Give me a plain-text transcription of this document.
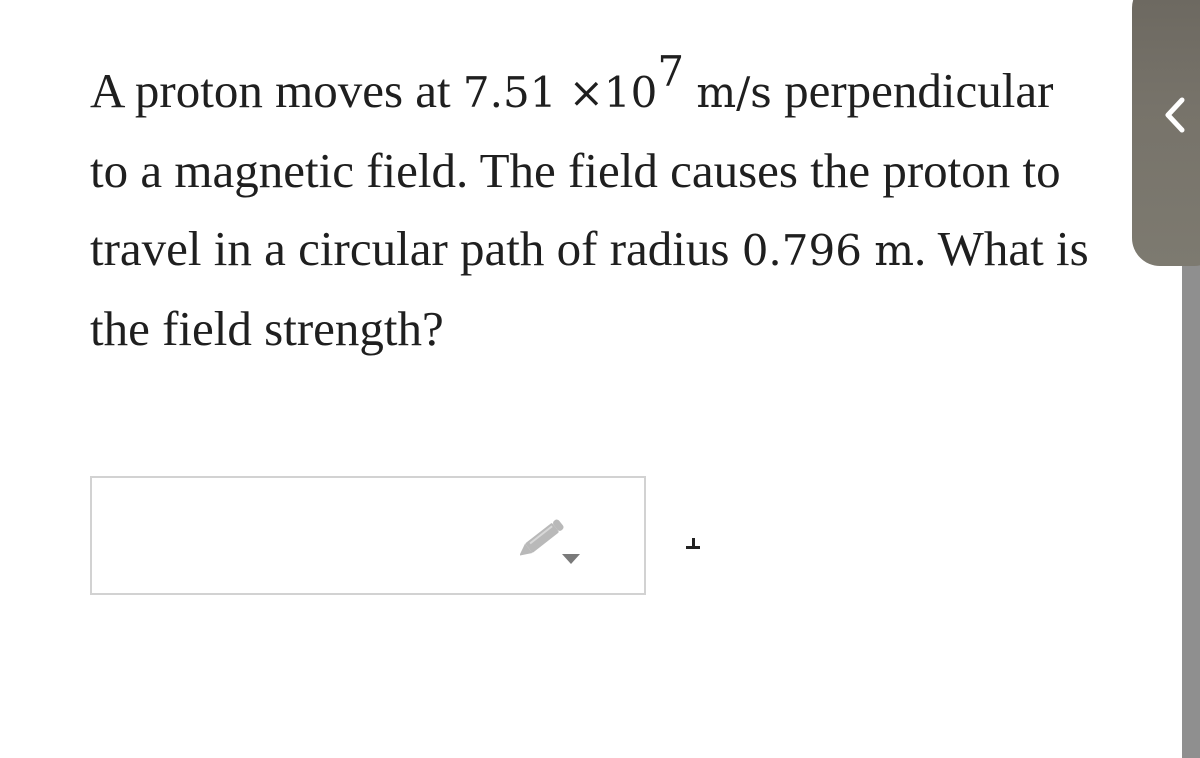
A proton moves at $7.51 \times 10^7$ m/s perpendicular to a magnetic field. The field causes the proton to travel in a circular path of radius 0.796 m. What is the field strength?
